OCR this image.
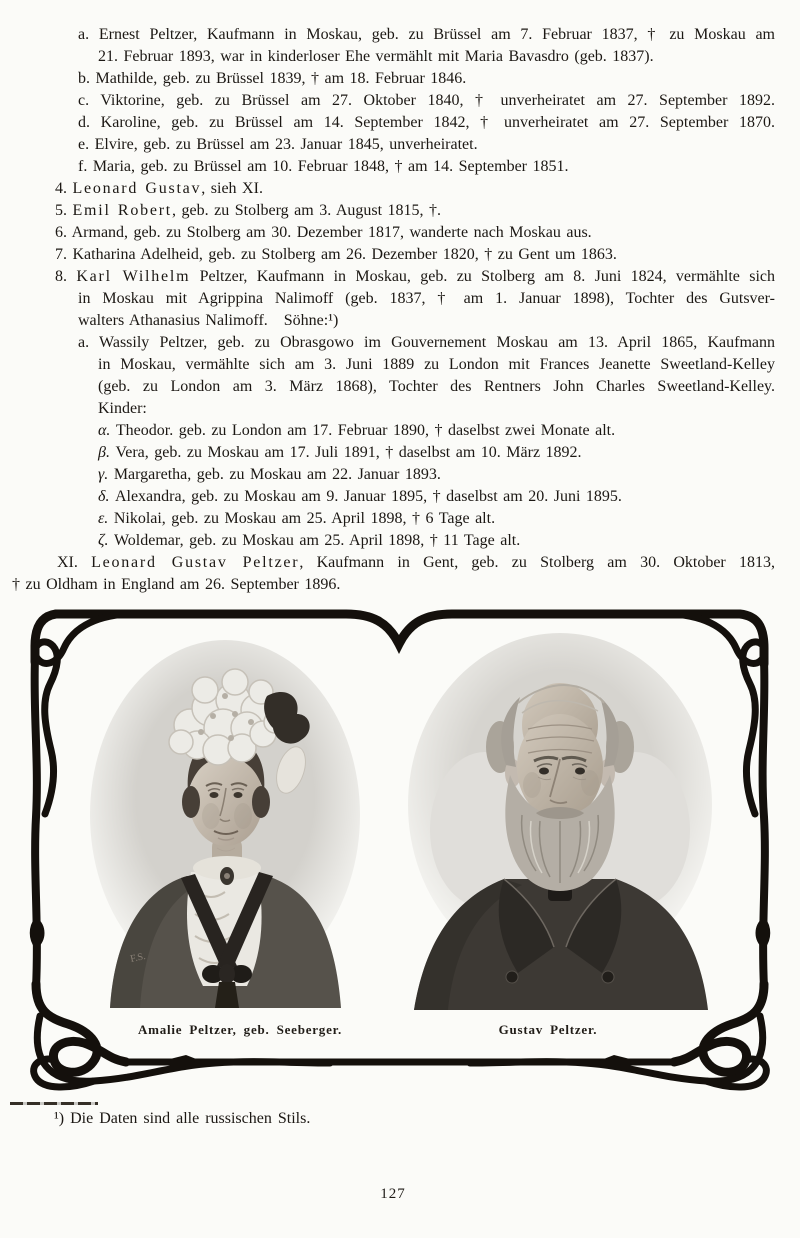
a. Ernest Peltzer, Kaufmann in Moskau, geb. zu Brüssel am 7. Februar 1837, † zu Moskau am
21. Februar 1893, war in kinderloser Ehe vermählt mit Maria Bavasdro (geb. 1837).
b. Mathilde, geb. zu Brüssel 1839, † am 18. Februar 1846.
c. Viktorine, geb. zu Brüssel am 27. Oktober 1840, † unverheiratet am 27. September 1892.
d. Karoline, geb. zu Brüssel am 14. September 1842, † unverheiratet am 27. September 1870.
e. Elvire, geb. zu Brüssel am 23. Januar 1845, unverheiratet.
f. Maria, geb. zu Brüssel am 10. Februar 1848, † am 14. September 1851.
4. Leonard Gustav, sieh XI.
5. Emil Robert, geb. zu Stolberg am 3. August 1815, †.
6. Armand, geb. zu Stolberg am 30. Dezember 1817, wanderte nach Moskau aus.
7. Katharina Adelheid, geb. zu Stolberg am 26. Dezember 1820, † zu Gent um 1863.
8. Karl Wilhelm Peltzer, Kaufmann in Moskau, geb. zu Stolberg am 8. Juni 1824, vermählte sich
in Moskau mit Agrippina Nalimoff (geb. 1837, † am 1. Januar 1898), Tochter des Gutsver-
walters Athanasius Nalimoff. Söhne:¹)
a. Wassily Peltzer, geb. zu Obrasgowo im Gouvernement Moskau am 13. April 1865, Kaufmann
in Moskau, vermählte sich am 3. Juni 1889 zu London mit Frances Jeanette Sweetland-Kelley
(geb. zu London am 3. März 1868), Tochter des Rentners John Charles Sweetland-Kelley.
Kinder:
α. Theodor. geb. zu London am 17. Februar 1890, † daselbst zwei Monate alt.
β. Vera, geb. zu Moskau am 17. Juli 1891, † daselbst am 10. März 1892.
γ. Margaretha, geb. zu Moskau am 22. Januar 1893.
δ. Alexandra, geb. zu Moskau am 9. Januar 1895, † daselbst am 20. Juni 1895.
ε. Nikolai, geb. zu Moskau am 25. April 1898, † 6 Tage alt.
ζ. Woldemar, geb. zu Moskau am 25. April 1898, † 11 Tage alt.
XI. Leonard Gustav Peltzer, Kaufmann in Gent, geb. zu Stolberg am 30. Oktober 1813,
† zu Oldham in England am 26. September 1896.
F.S.
Amalie Peltzer, geb. Seeberger.	Gustav Peltzer.
¹) Die Daten sind alle russischen Stils.
127
